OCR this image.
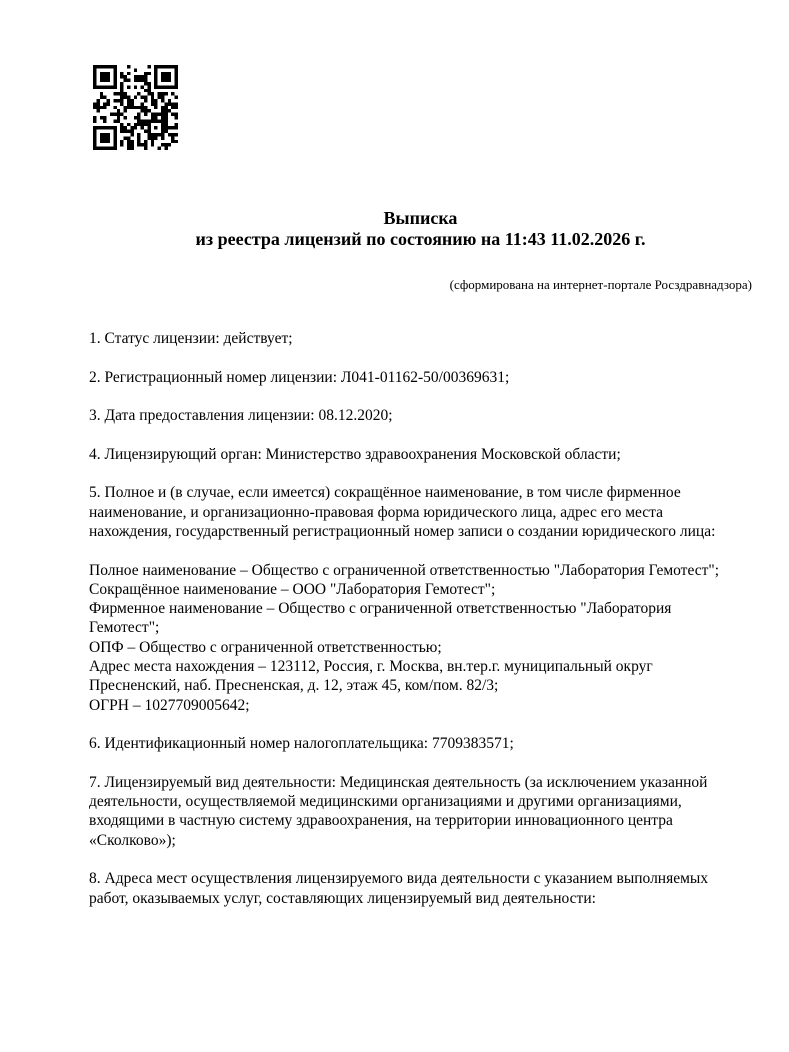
Выписка
из реестра лицензий по состоянию на 11:43 11.02.2026 г.
(сформирована на интернет-портале Росздравнадзора)
1. Статус лицензии: действует;
2. Регистрационный номер лицензии: Л041-01162-50/00369631;
3. Дата предоставления лицензии: 08.12.2020;
4. Лицензирующий орган: Министерство здравоохранения Московской области;
5. Полное и (в случае, если имеется) сокращённое наименование, в том числе фирменное
наименование, и организационно-правовая форма юридического лица, адрес его места
нахождения, государственный регистрационный номер записи о создании юридического лица:
Полное наименование – Общество с ограниченной ответственностью "Лаборатория Гемотест";
Сокращённое наименование – ООО "Лаборатория Гемотест";
Фирменное наименование – Общество с ограниченной ответственностью "Лаборатория
Гемотест";
ОПФ – Общество с ограниченной ответственностью;
Адрес места нахождения – 123112, Россия, г. Москва, вн.тер.г. муниципальный округ
Пресненский, наб. Пресненская, д. 12, этаж 45, ком/пом. 82/3;
ОГРН – 1027709005642;
6. Идентификационный номер налогоплательщика: 7709383571;
7. Лицензируемый вид деятельности: Медицинская деятельность (за исключением указанной
деятельности, осуществляемой медицинскими организациями и другими организациями,
входящими в частную систему здравоохранения, на территории инновационного центра
«Сколково»);
8. Адреса мест осуществления лицензируемого вида деятельности с указанием выполняемых
работ, оказываемых услуг, составляющих лицензируемый вид деятельности:
